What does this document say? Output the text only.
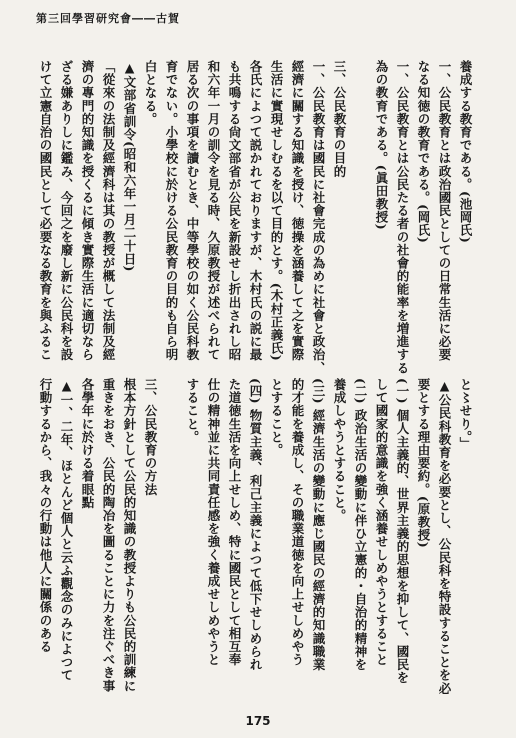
第三回學習研究會――古賀
養成する教育である。(池岡氏)
一、公民教育とは政治國民としての日常生活に必要
なる知徳の教育である。(岡氏)
一、公民教育とは公民たる者の社會的能率を増進する
為の教育である。(眞田教授)

三、公民教育の目的
一、公民教育は國民に社會完成の為めに社會と政治、
經濟に關する知識を授け、徳操を涵養して之を實際
生活に實現せしむるを以て目的とす。(木村正義氏)
各氏によつて説かれておりますが、木村氏の説に最
も共鳴する尙文部省が公民を新設せし折出されし昭
和六年一月の訓令を見る時、久原教授が述べられて
居る次の事項を讀むとき、中等學校の如く公民科教
育でない。小學校に於ける公民教育の目的も自ら明
白となる。
▲文部省訓令(昭和六年一月二十日)
「從來の法制及經濟科は其の教授が概して法制及經
濟の專門的知識を授くるに傾き實際生活に適切なら
ざる嫌ありしに鑑み、今回之を廢し新に公民科を設
けて立憲自治の國民として必要なる教育を與ふるこ
と〻せり。」
▲公民科教育を必要とし、公民科を特設することを必
要とする理由要約。(原教授)
(一) 個人主義的、世界主義的思想を抑して、國民を
して國家的意識を強く涵養せしめやうとすること
(二) 政治生活の變動に伴ひ立憲的・自治的精神を
養成しやうとすること。
(三) 經濟生活の變動に應じ國民の經濟的知識職業
的才能を養成し、その職業道徳を向上せしめやう
とすること。
(四) 物質主義、利己主義によつて低下せしめられ
た道徳生活を向上せしめ、特に國民として相互奉
仕の精神並に共同責任感を強く養成せしめやうと
すること。

三、公民教育の方法
根本方針として公民的知識の教授よりも公民的訓練に
重きをおき、公民的陶冶を圖ることに力を注ぐべき事
各學年に於ける着眼點
▲一、二年、ほとんど個人と云ふ觀念のみによつて
行動するから、我々の行動は他人に關係のある
175
